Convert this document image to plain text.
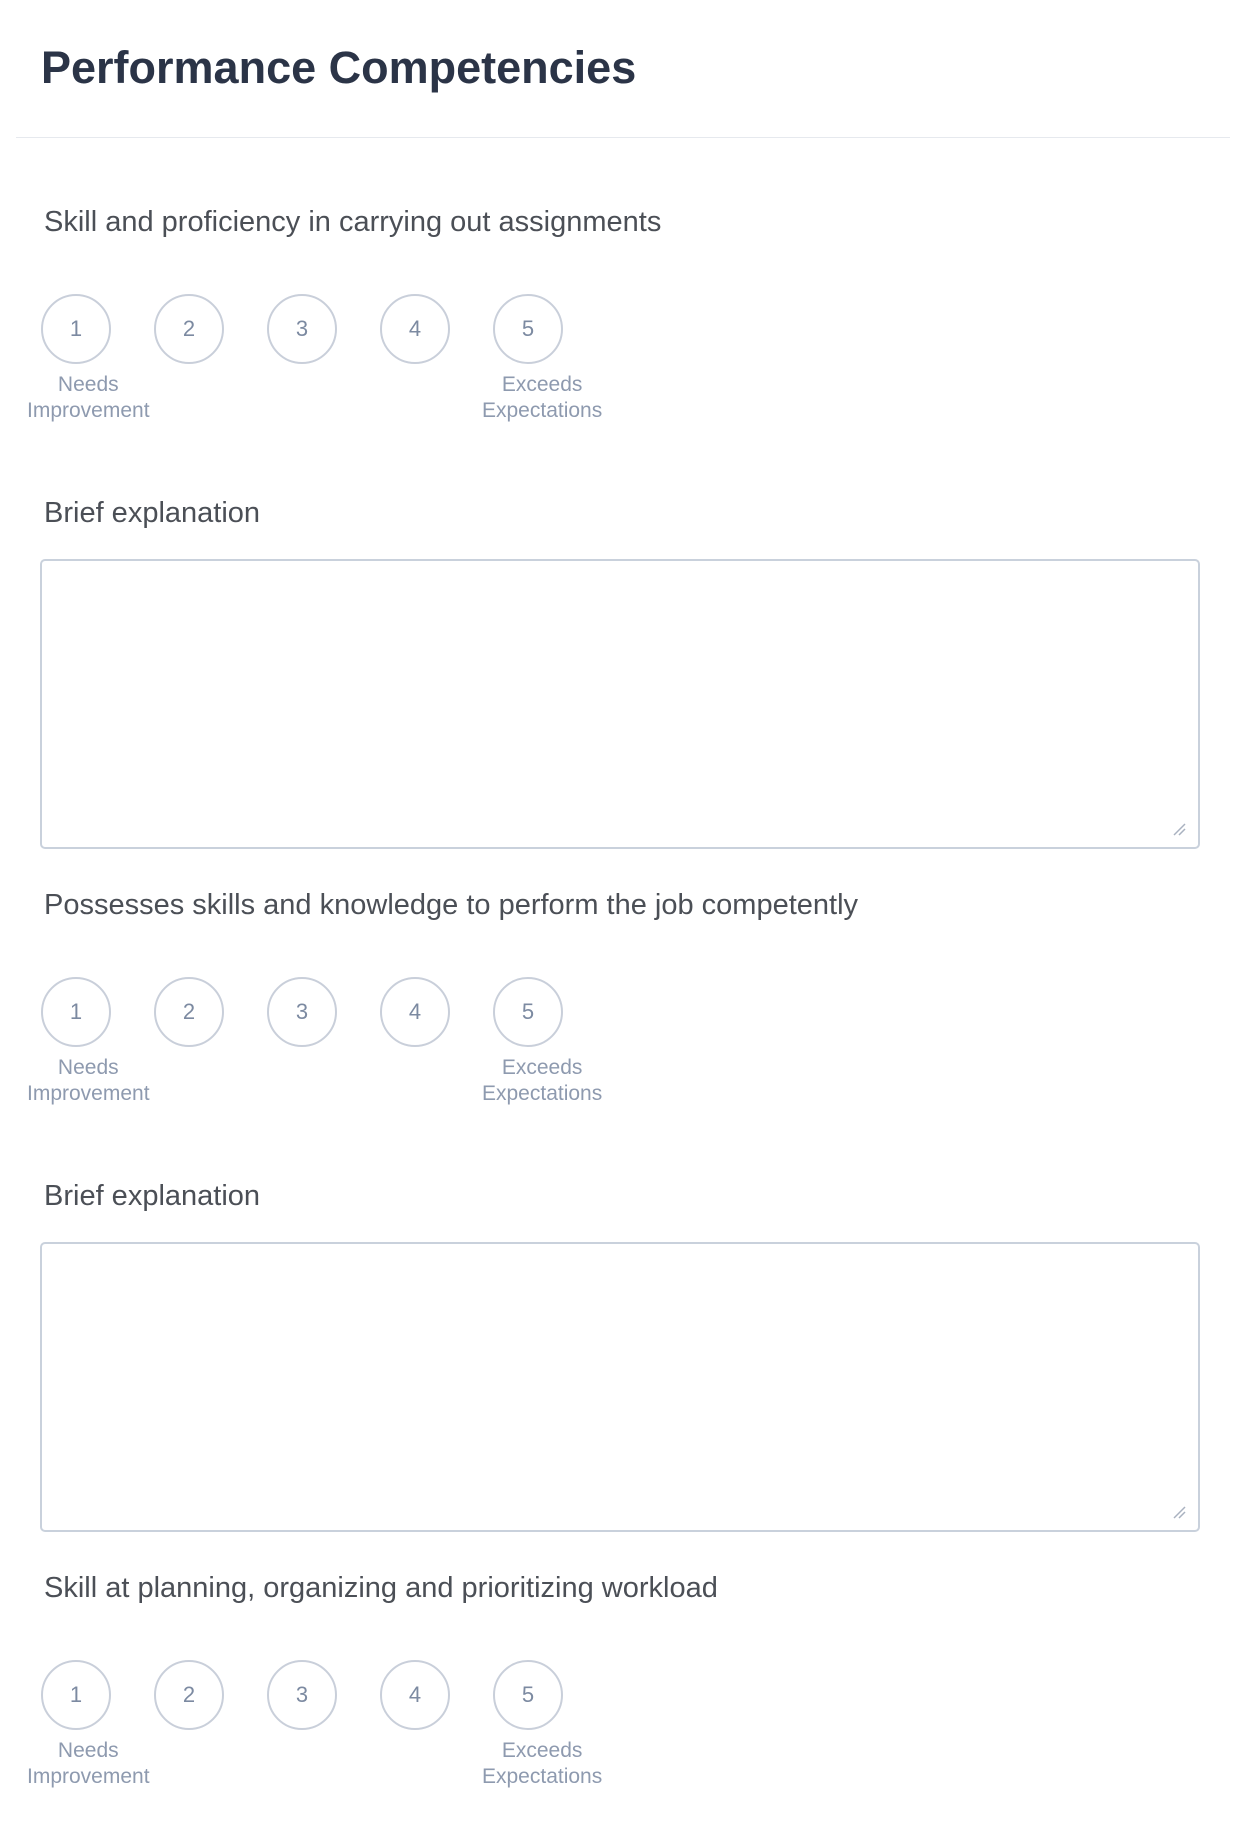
Performance Competencies
Skill and proficiency in carrying out assignments
1	2	3	4	5
Needs
Improvement
Exceeds
Expectations
Brief explanation
Possesses skills and knowledge to perform the job competently
1	2	3	4	5
Needs
Improvement
Exceeds
Expectations
Brief explanation
Skill at planning, organizing and prioritizing workload
1	2	3	4	5
Needs
Improvement
Exceeds
Expectations
